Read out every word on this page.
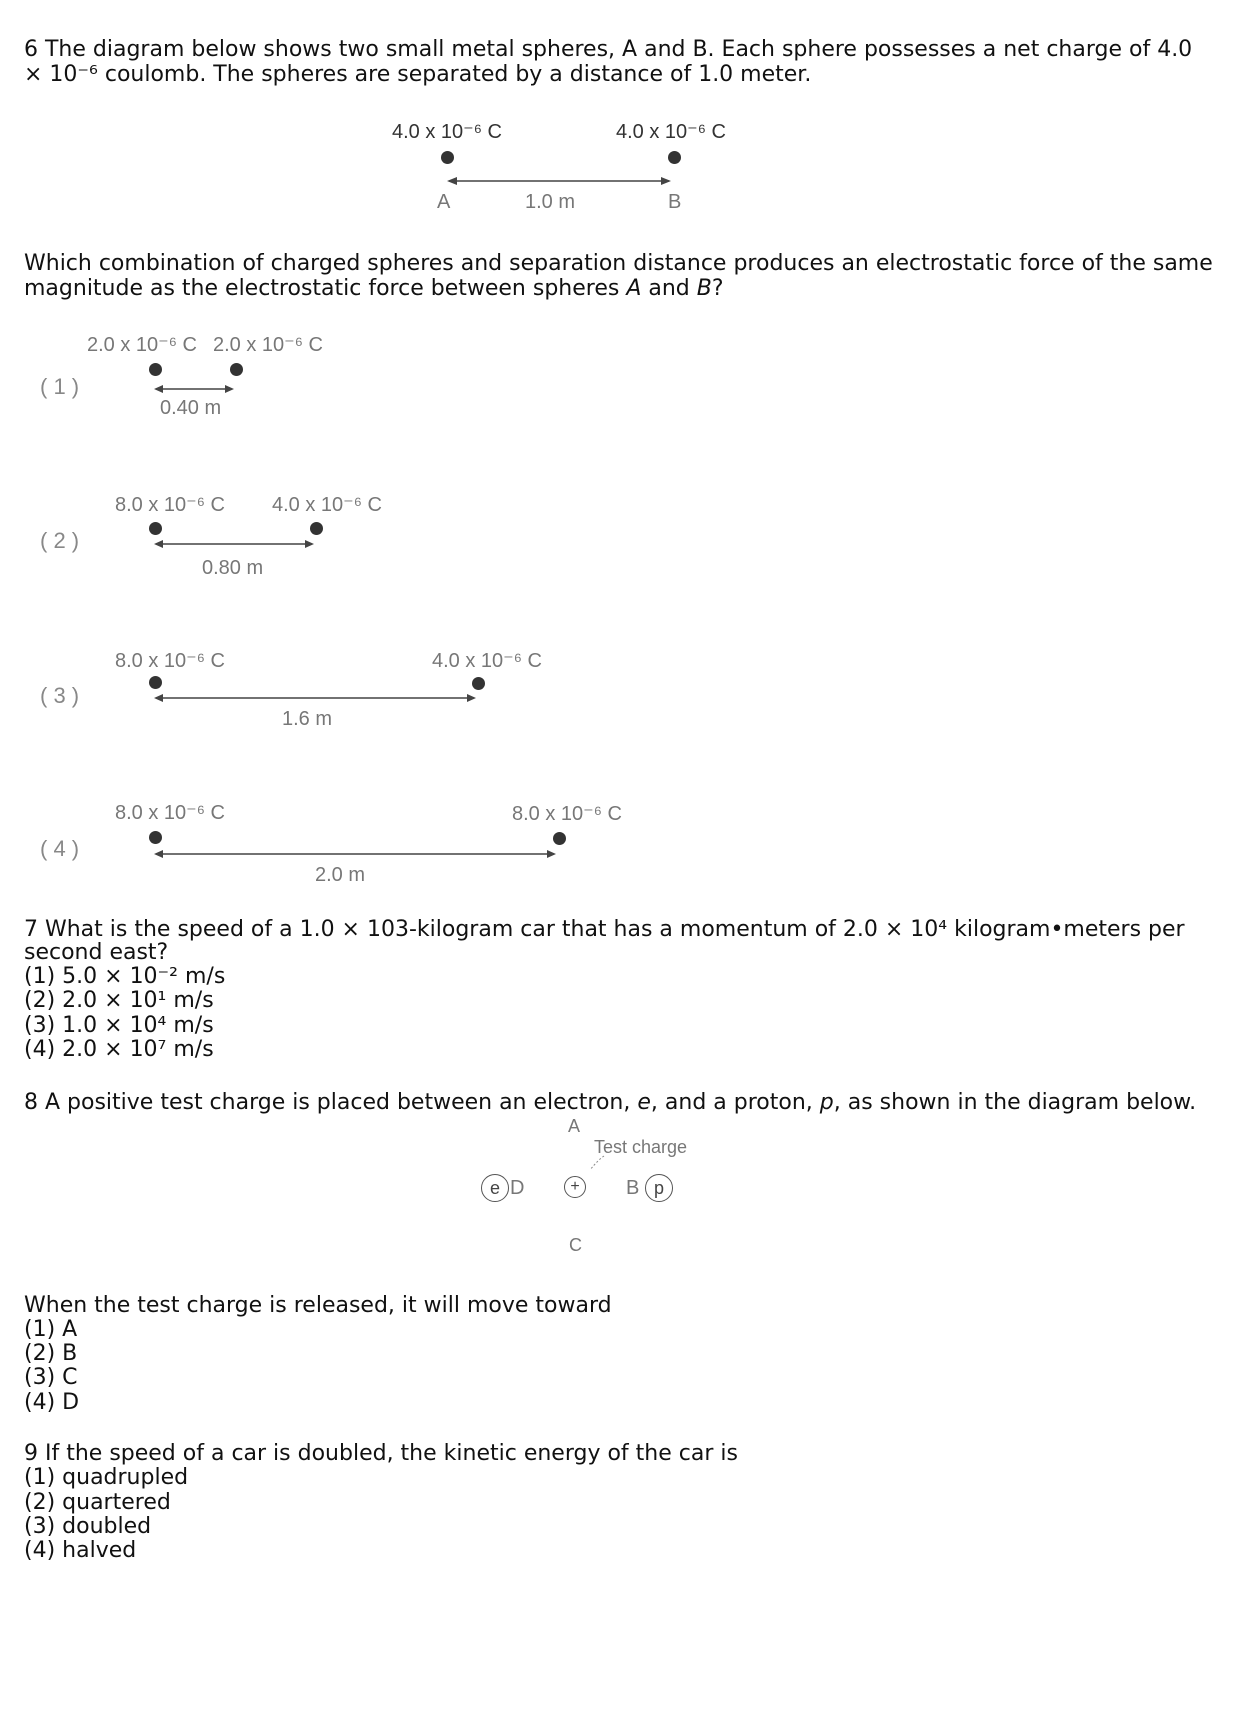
6 The diagram below shows two small metal spheres, A and B. Each sphere possesses a net charge of 4.0
× 10⁻⁶ coulomb. The spheres are separated by a distance of 1.0 meter.
4.0 x 10⁻⁶ C	4.0 x 10⁻⁶ C
A	1.0 m	B
Which combination of charged spheres and separation distance produces an electrostatic force of the same
magnitude as the electrostatic force between spheres A and B?
( 1 )
2.0 x 10⁻⁶ C 2.0 x 10⁻⁶ C
0.40 m
( 2 )
8.0 x 10⁻⁶ C 4.0 x 10⁻⁶ C
0.80 m
( 3 )
8.0 x 10⁻⁶ C	4.0 x 10⁻⁶ C
1.6 m
( 4 )
8.0 x 10⁻⁶ C	8.0 x 10⁻⁶ C
2.0 m
7 What is the speed of a 1.0 × 103-kilogram car that has a momentum of 2.0 × 10⁴ kilogram•meters per
second east?
(1) 5.0 × 10⁻² m/s
(2) 2.0 × 10¹ m/s
(3) 1.0 × 10⁴ m/s
(4) 2.0 × 10⁷ m/s
8 A positive test charge is placed between an electron, e, and a proton, p, as shown in the diagram below.
A
Test charge
e D	+	B p
C
When the test charge is released, it will move toward
(1) A
(2) B
(3) C
(4) D
9 If the speed of a car is doubled, the kinetic energy of the car is
(1) quadrupled
(2) quartered
(3) doubled
(4) halved
